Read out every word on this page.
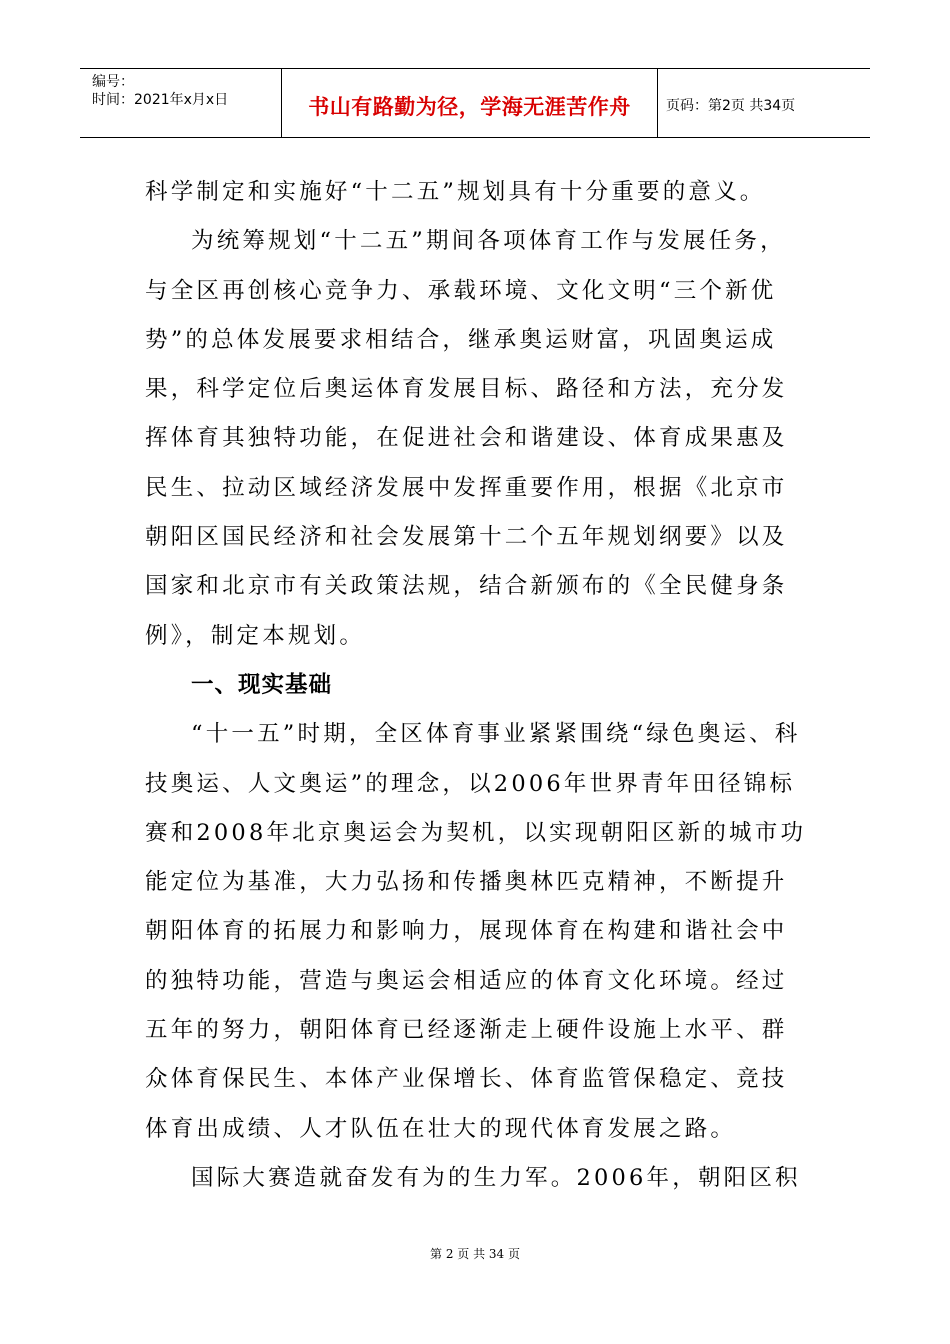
编号：
时间：2021年x月x日	书山有路勤为径，学海无涯苦作舟	页码：第2页 共34页

科学制定和实施好“十二五”规划具有十分重要的意义。

为统筹规划“十二五”期间各项体育工作与发展任务，与全区再创核心竞争力、承载环境、文化文明“三个新优势”的总体发展要求相结合，继承奥运财富，巩固奥运成果，科学定位后奥运体育发展目标、路径和方法，充分发挥体育其独特功能，在促进社会和谐建设、体育成果惠及民生、拉动区域经济发展中发挥重要作用，根据《北京市朝阳区国民经济和社会发展第十二个五年规划纲要》以及国家和北京市有关政策法规，结合新颁布的《全民健身条例》，制定本规划。

一、现实基础

“十一五”时期，全区体育事业紧紧围绕“绿色奥运、科技奥运、人文奥运”的理念，以2006年世界青年田径锦标赛和2008年北京奥运会为契机，以实现朝阳区新的城市功能定位为基准，大力弘扬和传播奥林匹克精神，不断提升朝阳体育的拓展力和影响力，展现体育在构建和谐社会中的独特功能，营造与奥运会相适应的体育文化环境。经过五年的努力，朝阳体育已经逐渐走上硬件设施上水平、群众体育保民生、本体产业保增长、体育监管保稳定、竞技体育出成绩、人才队伍在壮大的现代体育发展之路。

国际大赛造就奋发有为的生力军。2006年，朝阳区积

第 2 页 共 34 页
